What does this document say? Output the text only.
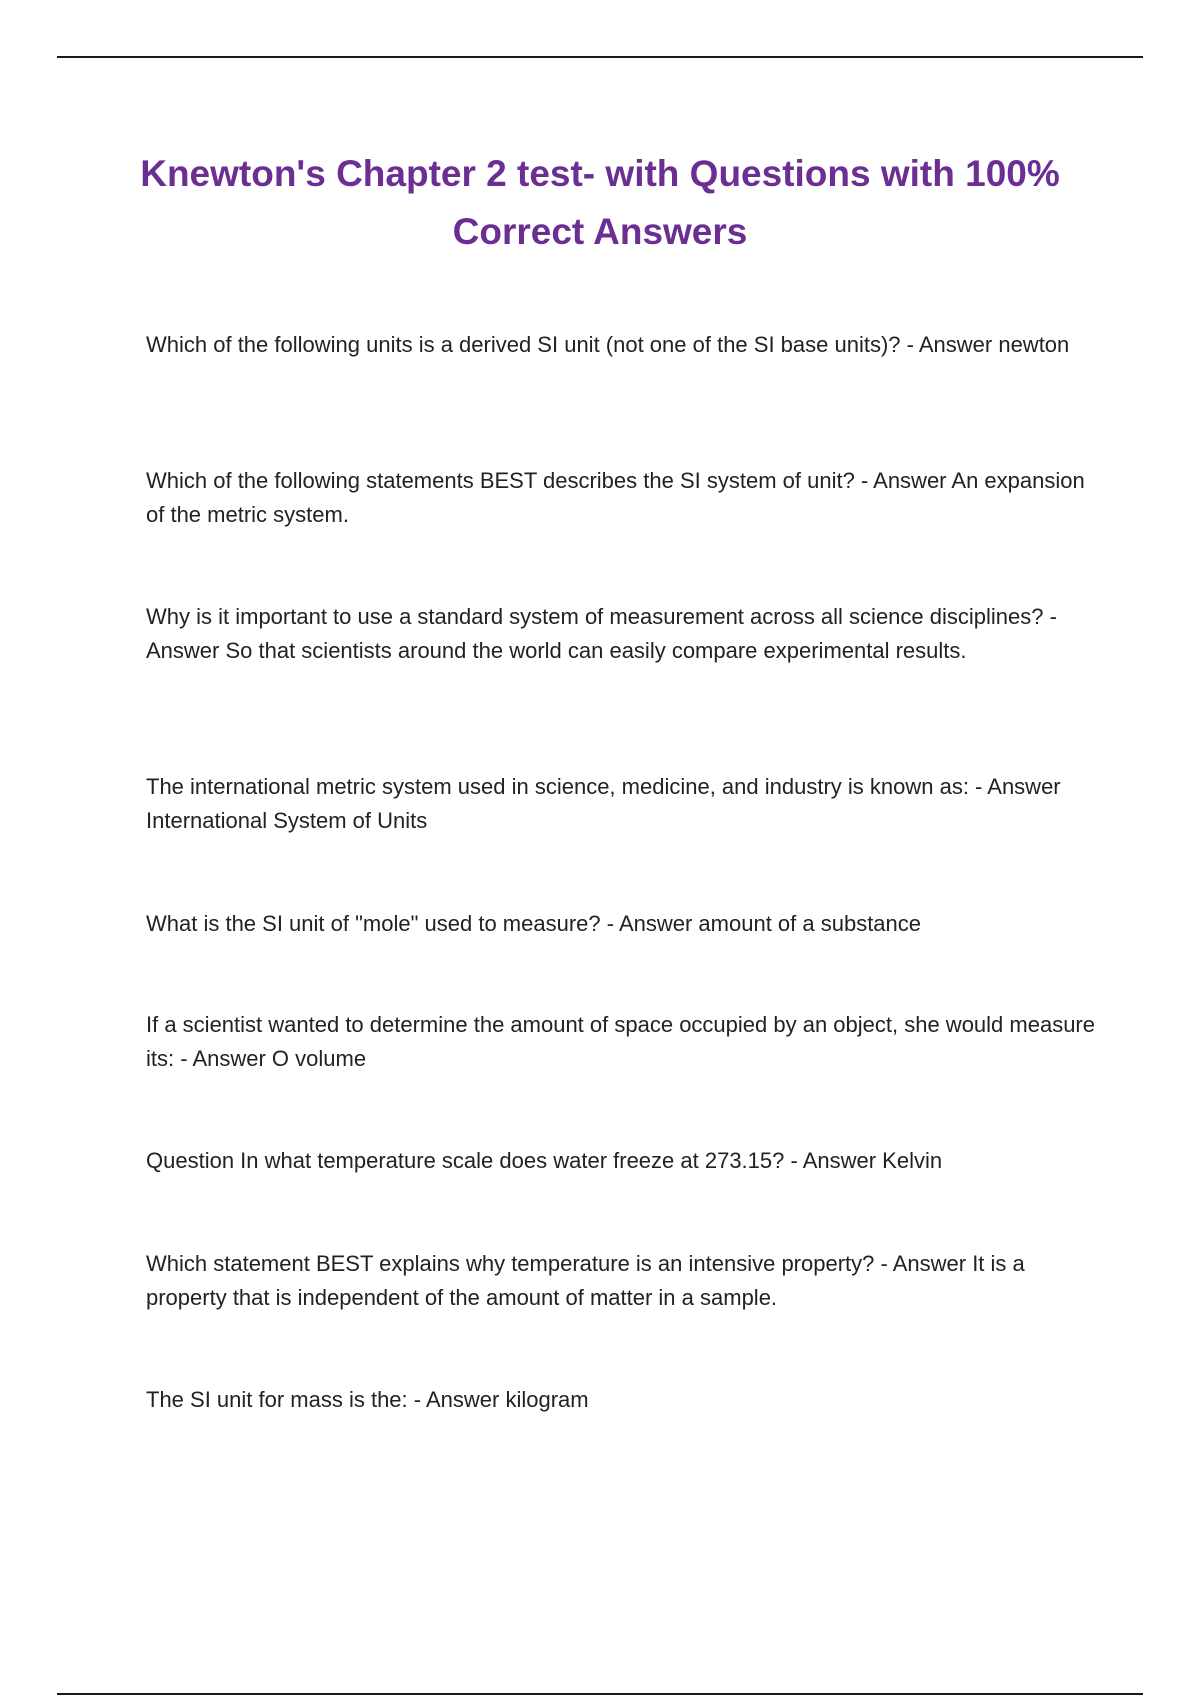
Knewton's Chapter 2 test- with Questions with 100% Correct Answers

Which of the following units is a derived SI unit (not one of the SI base units)? - Answer newton

Which of the following statements BEST describes the SI system of unit? - Answer An expansion of the metric system.

Why is it important to use a standard system of measurement across all science disciplines? - Answer So that scientists around the world can easily compare experimental results.

The international metric system used in science, medicine, and industry is known as: - Answer International System of Units

What is the SI unit of "mole" used to measure? - Answer amount of a substance

If a scientist wanted to determine the amount of space occupied by an object, she would measure its: - Answer O volume

Question In what temperature scale does water freeze at 273.15? - Answer Kelvin

Which statement BEST explains why temperature is an intensive property? - Answer It is a property that is independent of the amount of matter in a sample.

The SI unit for mass is the: - Answer kilogram
